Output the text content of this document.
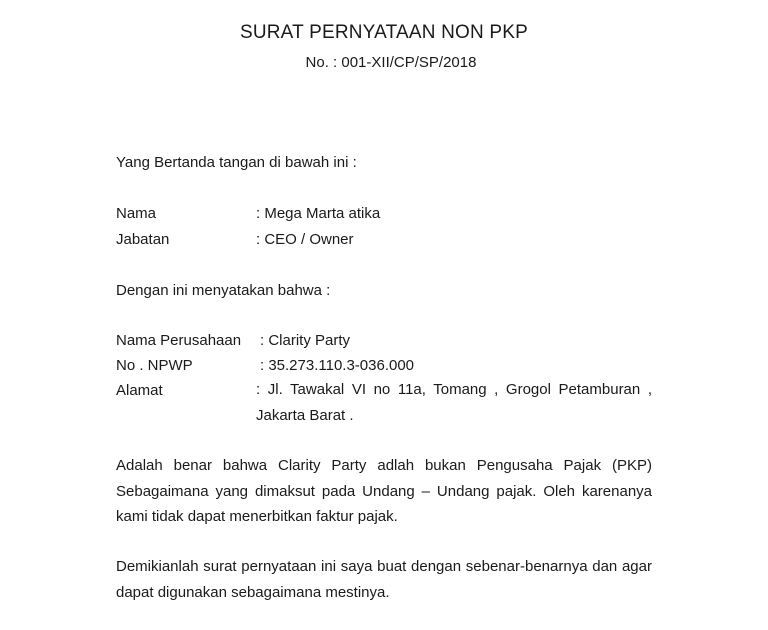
SURAT PERNYATAAN NON PKP
No. : 001-XII/CP/SP/2018
Yang Bertanda tangan di bawah ini :
Nama	: Mega Marta atika
Jabatan	: CEO / Owner
Dengan ini menyatakan bahwa :
Nama Perusahaan : Clarity Party
No . NPWP	: 35.273.110.3-036.000
Alamat	: Jl. Tawakal VI no 11a, Tomang , Grogol Petamburan , Jakarta Barat .
Adalah benar bahwa Clarity Party adlah bukan Pengusaha Pajak (PKP) Sebagaimana yang dimaksut pada Undang – Undang pajak. Oleh karenanya kami tidak dapat menerbitkan faktur pajak.
Demikianlah surat pernyataan ini saya buat dengan sebenar-benarnya dan agar dapat digunakan sebagaimana mestinya.
